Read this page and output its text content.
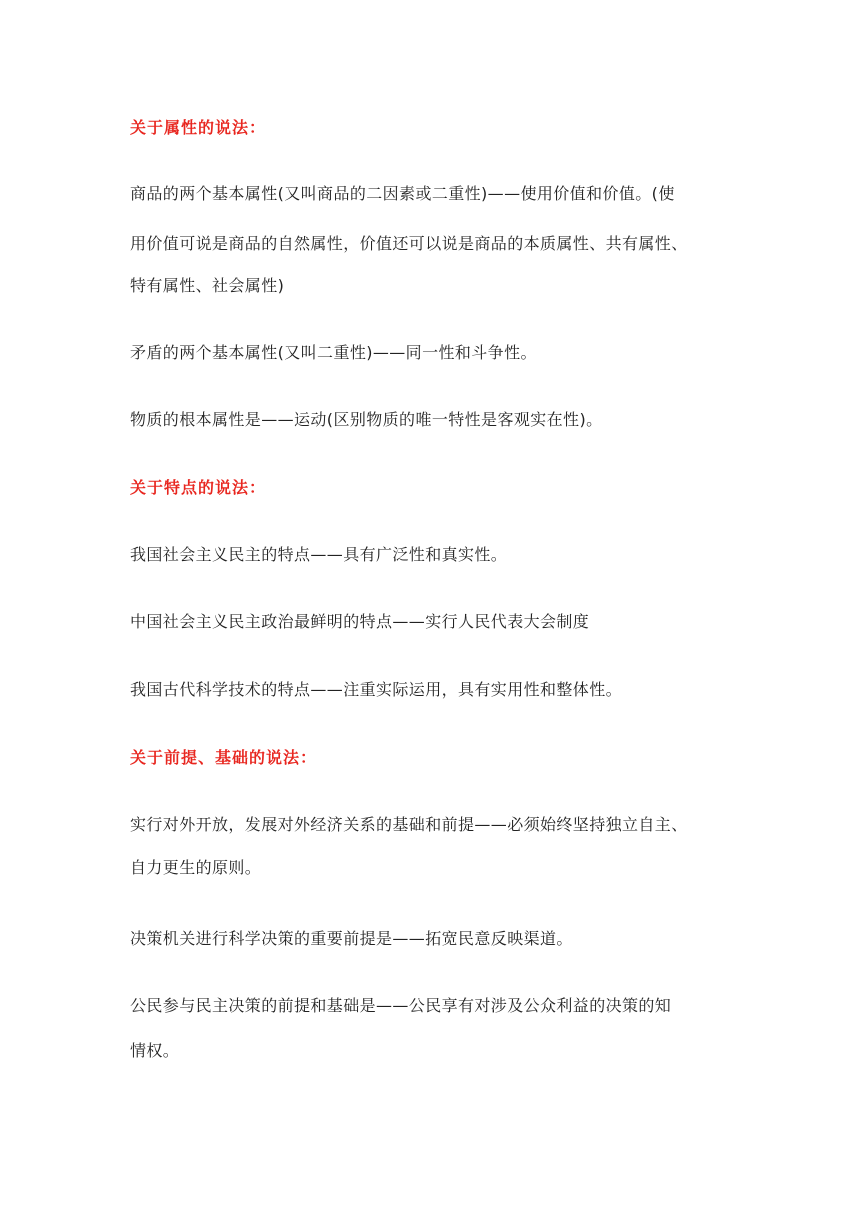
关于属性的说法：
商品的两个基本属性(又叫商品的二因素或二重性)——使用价值和价值。(使
用价值可说是商品的自然属性，价值还可以说是商品的本质属性、共有属性、
特有属性、社会属性)
矛盾的两个基本属性(又叫二重性)——同一性和斗争性。
物质的根本属性是——运动(区别物质的唯一特性是客观实在性)。
关于特点的说法：
我国社会主义民主的特点——具有广泛性和真实性。
中国社会主义民主政治最鲜明的特点——实行人民代表大会制度
我国古代科学技术的特点——注重实际运用，具有实用性和整体性。
关于前提、基础的说法：
实行对外开放，发展对外经济关系的基础和前提——必须始终坚持独立自主、
自力更生的原则。
决策机关进行科学决策的重要前提是——拓宽民意反映渠道。
公民参与民主决策的前提和基础是——公民享有对涉及公众利益的决策的知
情权。
